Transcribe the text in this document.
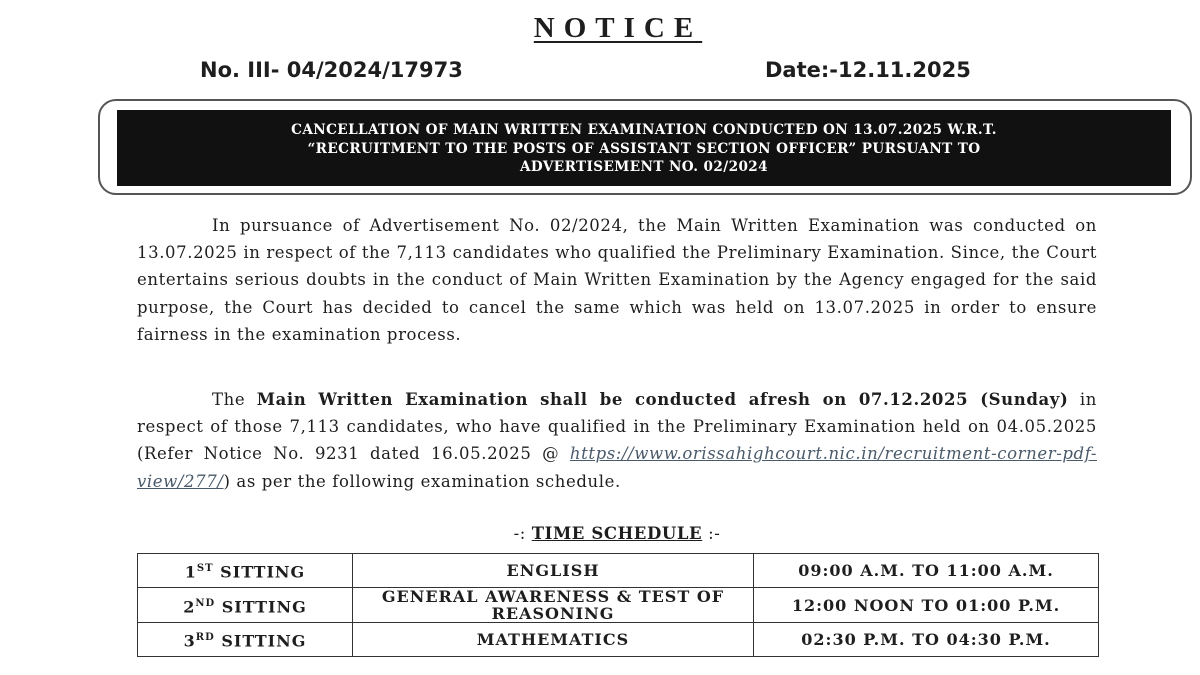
NOTICE
No. III- 04/2024/17973	Date:-12.11.2025
CANCELLATION OF MAIN WRITTEN EXAMINATION CONDUCTED ON 13.07.2025 W.R.T.
“RECRUITMENT TO THE POSTS OF ASSISTANT SECTION OFFICER” PURSUANT TO
ADVERTISEMENT NO. 02/2024

In pursuance of Advertisement No. 02/2024, the Main Written Examination was conducted on 13.07.2025 in respect of the 7,113 candidates who qualified the Preliminary Examination. Since, the Court entertains serious doubts in the conduct of Main Written Examination by the Agency engaged for the said purpose, the Court has decided to cancel the same which was held on 13.07.2025 in order to ensure fairness in the examination process.

The Main Written Examination shall be conducted afresh on 07.12.2025 (Sunday) in respect of those 7,113 candidates, who have qualified in the Preliminary Examination held on 04.05.2025 (Refer Notice No. 9231 dated 16.05.2025 @ https://www.orissahighcourt.nic.in/recruitment-corner-pdf-view/277/) as per the following examination schedule.

-: TIME SCHEDULE :-
1ST SITTING	ENGLISH	09:00 A.M. TO 11:00 A.M.
2ND SITTING	GENERAL AWARENESS & TEST OF REASONING	12:00 NOON TO 01:00 P.M.
3RD SITTING	MATHEMATICS	02:30 P.M. TO 04:30 P.M.
